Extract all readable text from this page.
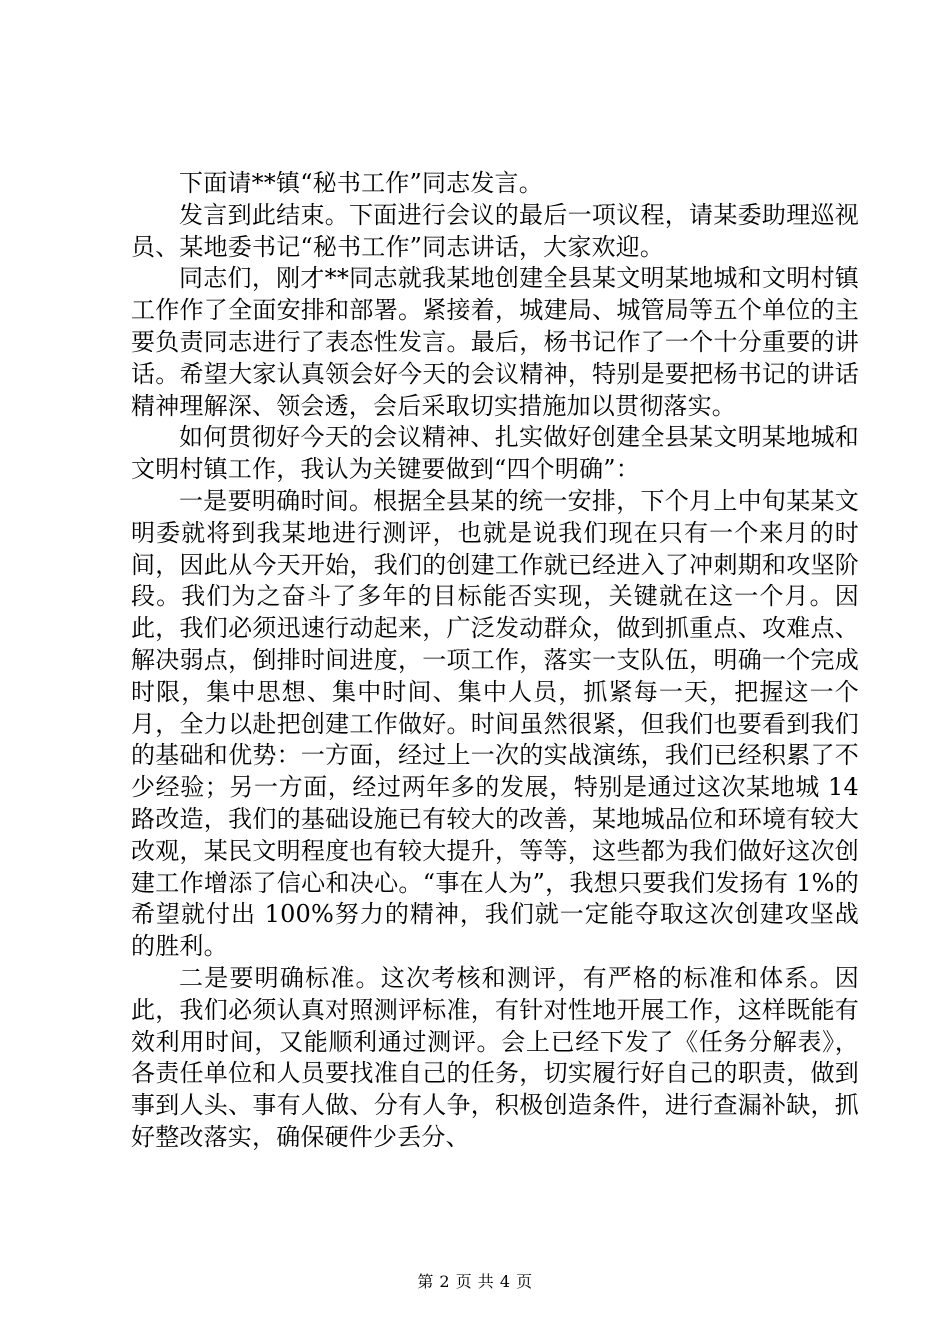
下面请**镇“秘书工作”同志发言。

发言到此结束。下面进行会议的最后一项议程，请某委助理巡视员、某地委书记“秘书工作”同志讲话，大家欢迎。

同志们，刚才**同志就我某地创建全县某文明某地城和文明村镇工作作了全面安排和部署。紧接着，城建局、城管局等五个单位的主要负责同志进行了表态性发言。最后，杨书记作了一个十分重要的讲话。希望大家认真领会好今天的会议精神，特别是要把杨书记的讲话精神理解深、领会透，会后采取切实措施加以贯彻落实。

如何贯彻好今天的会议精神、扎实做好创建全县某文明某地城和文明村镇工作，我认为关键要做到“四个明确”：

一是要明确时间。根据全县某的统一安排，下个月上中旬某某文明委就将到我某地进行测评，也就是说我们现在只有一个来月的时间，因此从今天开始，我们的创建工作就已经进入了冲刺期和攻坚阶段。我们为之奋斗了多年的目标能否实现，关键就在这一个月。因此，我们必须迅速行动起来，广泛发动群众，做到抓重点、攻难点、解决弱点，倒排时间进度，一项工作，落实一支队伍，明确一个完成时限，集中思想、集中时间、集中人员，抓紧每一天，把握这一个月，全力以赴把创建工作做好。时间虽然很紧，但我们也要看到我们的基础和优势：一方面，经过上一次的实战演练，我们已经积累了不少经验；另一方面，经过两年多的发展，特别是通过这次某地城 14 路改造，我们的基础设施已有较大的改善，某地城品位和环境有较大改观，某民文明程度也有较大提升，等等，这些都为我们做好这次创建工作增添了信心和决心。“事在人为”，我想只要我们发扬有 1%的希望就付出 100%努力的精神，我们就一定能夺取这次创建攻坚战的胜利。

二是要明确标准。这次考核和测评，有严格的标准和体系。因此，我们必须认真对照测评标准，有针对性地开展工作，这样既能有效利用时间，又能顺利通过测评。会上已经下发了《任务分解表》，各责任单位和人员要找准自己的任务，切实履行好自己的职责，做到事到人头、事有人做、分有人争，积极创造条件，进行查漏补缺，抓好整改落实，确保硬件少丢分、

第 2 页 共 4 页
